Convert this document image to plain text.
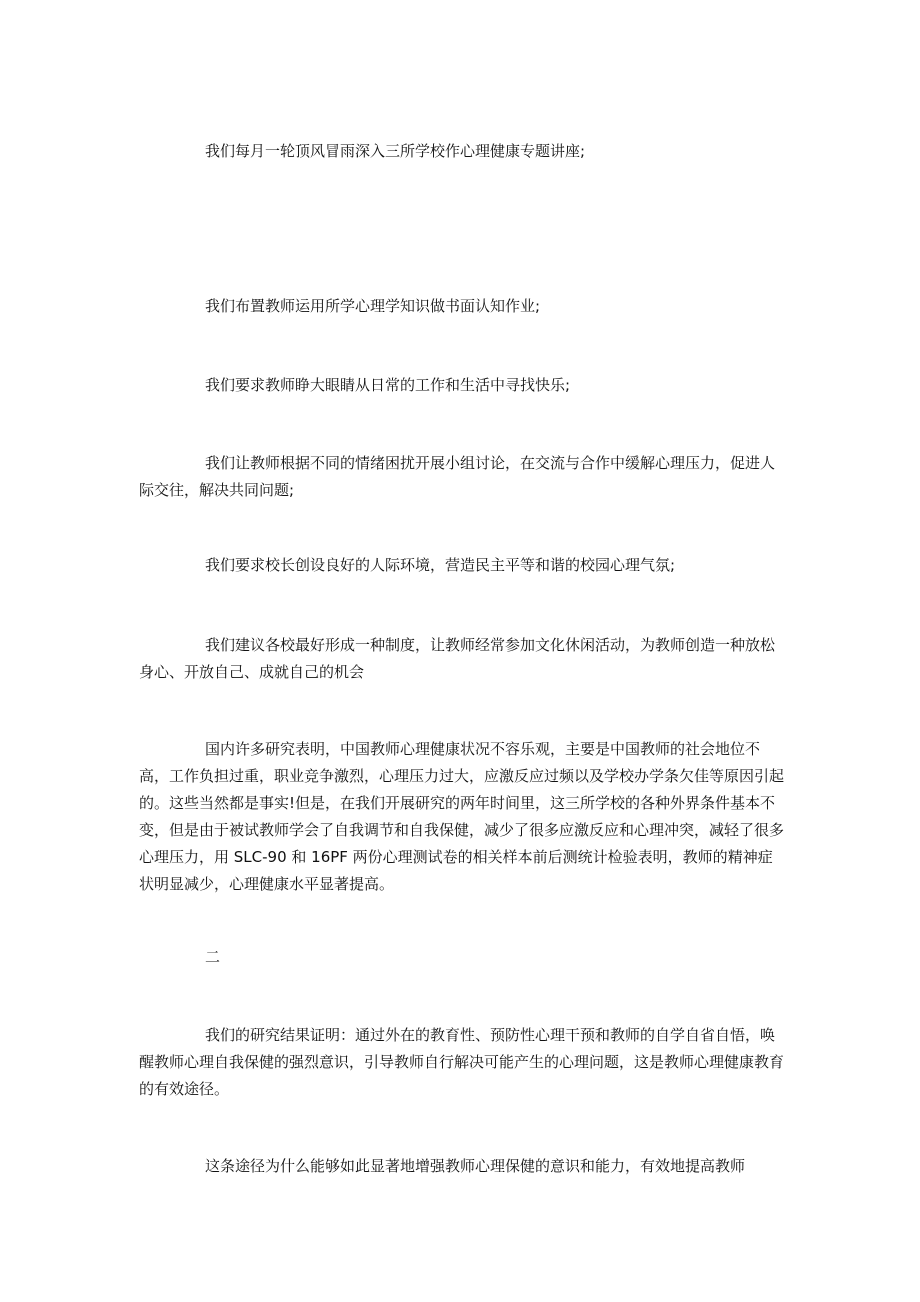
我们每月一轮顶风冒雨深入三所学校作心理健康专题讲座;

我们布置教师运用所学心理学知识做书面认知作业;

我们要求教师睁大眼睛从日常的工作和生活中寻找快乐;

我们让教师根据不同的情绪困扰开展小组讨论，在交流与合作中缓解心理压力，促进人际交往，解决共同问题;

我们要求校长创设良好的人际环境，营造民主平等和谐的校园心理气氛;

我们建议各校最好形成一种制度，让教师经常参加文化休闲活动，为教师创造一种放松身心、开放自己、成就自己的机会

国内许多研究表明，中国教师心理健康状况不容乐观，主要是中国教师的社会地位不高，工作负担过重，职业竞争激烈，心理压力过大，应激反应过频以及学校办学条欠佳等原因引起的。这些当然都是事实!但是，在我们开展研究的两年时间里，这三所学校的各种外界条件基本不变，但是由于被试教师学会了自我调节和自我保健，减少了很多应激反应和心理冲突，减轻了很多心理压力，用 SLC-90 和 16PF 两份心理测试卷的相关样本前后测统计检验表明，教师的精神症状明显减少，心理健康水平显著提高。

二

我们的研究结果证明：通过外在的教育性、预防性心理干预和教师的自学自省自悟，唤醒教师心理自我保健的强烈意识，引导教师自行解决可能产生的心理问题，这是教师心理健康教育的有效途径。

这条途径为什么能够如此显著地增强教师心理保健的意识和能力，有效地提高教师
